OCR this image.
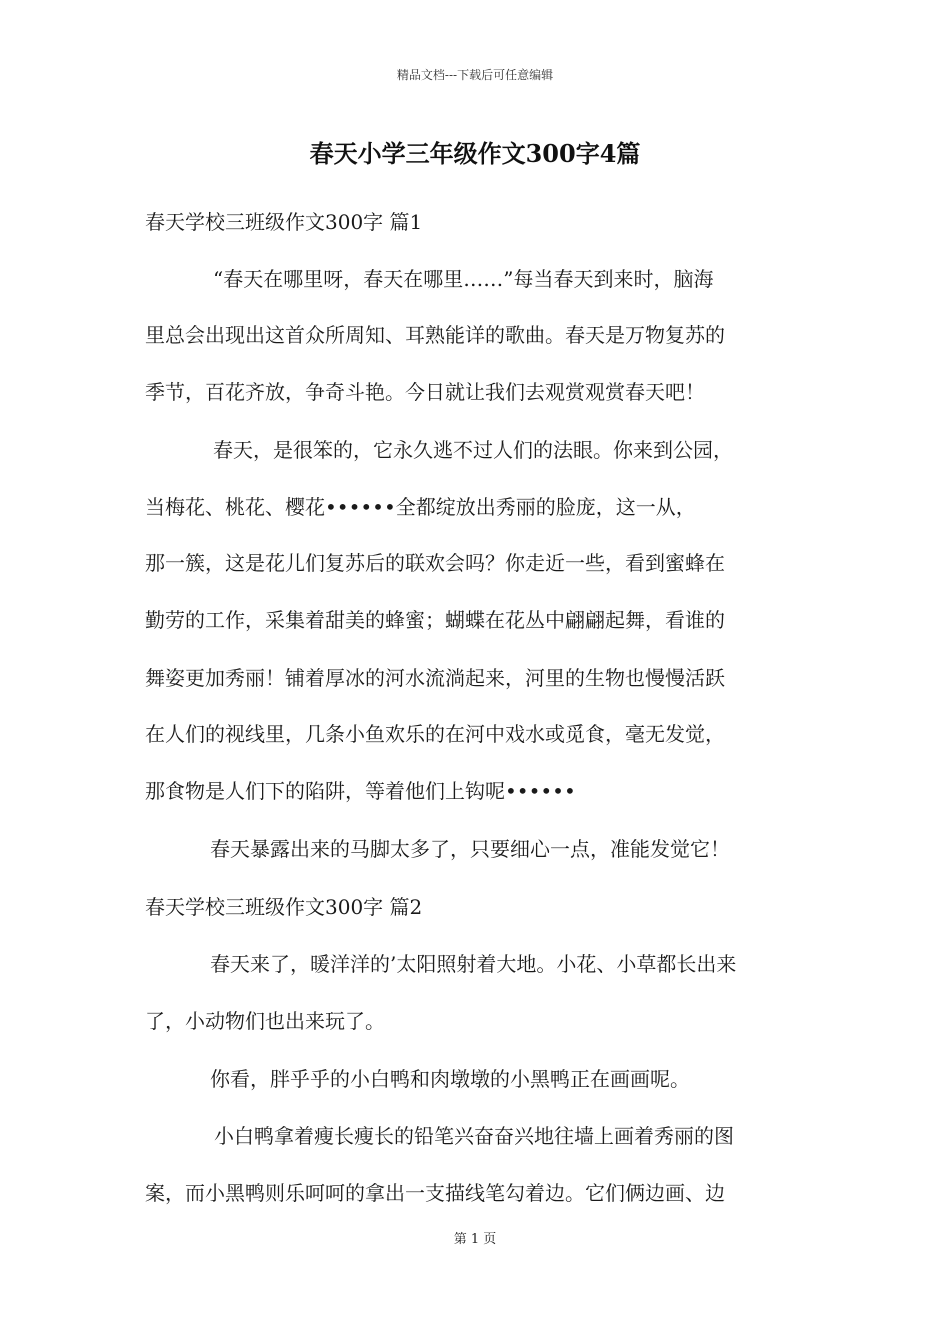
精品文档---下载后可任意编辑
春天小学三年级作文300字4篇
春天学校三班级作文300字 篇1
“春天在哪里呀，春天在哪里……”每当春天到来时，脑海
里总会出现出这首众所周知、耳熟能详的歌曲。春天是万物复苏的
季节，百花齐放，争奇斗艳。今日就让我们去观赏观赏春天吧！
春天，是很笨的，它永久逃不过人们的法眼。你来到公园，
当梅花、桃花、樱花••••••全都绽放出秀丽的脸庞，这一从，
那一簇，这是花儿们复苏后的联欢会吗？你走近一些，看到蜜蜂在
勤劳的工作，采集着甜美的蜂蜜；蝴蝶在花丛中翩翩起舞，看谁的
舞姿更加秀丽！铺着厚冰的河水流淌起来，河里的生物也慢慢活跃
在人们的视线里，几条小鱼欢乐的在河中戏水或觅食，毫无发觉，
那食物是人们下的陷阱，等着他们上钩呢••••••
春天暴露出来的马脚太多了，只要细心一点，准能发觉它！
春天学校三班级作文300字 篇2
春天来了，暖洋洋的’太阳照射着大地。小花、小草都长出来
了，小动物们也出来玩了。
你看，胖乎乎的小白鸭和肉墩墩的小黑鸭正在画画呢。
小白鸭拿着瘦长瘦长的铅笔兴奋奋兴地往墙上画着秀丽的图
案，而小黑鸭则乐呵呵的拿出一支描线笔勾着边。它们俩边画、边
第 1 页
